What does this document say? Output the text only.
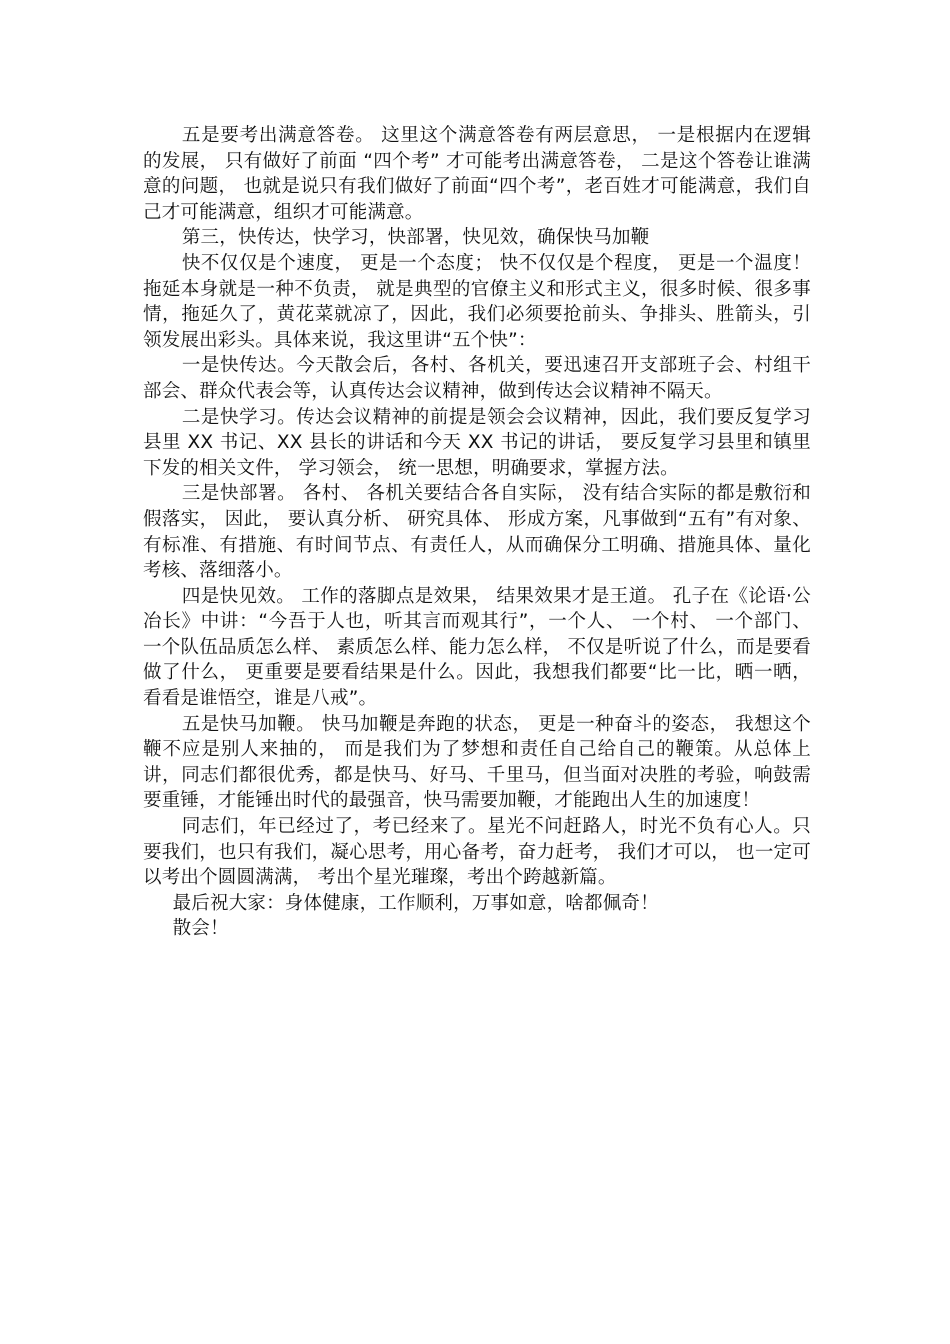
五是要考出满意答卷。 这里这个满意答卷有两层意思， 一是根据内在逻辑的发展， 只有做好了前面 “四个考” 才可能考出满意答卷， 二是这个答卷让谁满意的问题， 也就是说只有我们做好了前面“四个考”，老百姓才可能满意，我们自己才可能满意，组织才可能满意。

第三，快传达，快学习，快部署，快见效，确保快马加鞭

快不仅仅是个速度， 更是一个态度； 快不仅仅是个程度， 更是一个温度！ 拖延本身就是一种不负责， 就是典型的官僚主义和形式主义，很多时候、很多事情，拖延久了，黄花菜就凉了，因此，我们必须要抢前头、争排头、胜箭头，引领发展出彩头。具体来说，我这里讲“五个快”：

一是快传达。今天散会后，各村、各机关，要迅速召开支部班子会、村组干部会、群众代表会等，认真传达会议精神，做到传达会议精神不隔天。

二是快学习。传达会议精神的前提是领会会议精神，因此，我们要反复学习县里 XX 书记、XX 县长的讲话和今天 XX 书记的讲话， 要反复学习县里和镇里下发的相关文件， 学习领会， 统一思想，明确要求，掌握方法。

三是快部署。 各村、 各机关要结合各自实际， 没有结合实际的都是敷衍和假落实， 因此， 要认真分析、 研究具体、 形成方案，凡事做到“五有”有对象、有标准、有措施、有时间节点、有责任人，从而确保分工明确、措施具体、量化考核、落细落小。

四是快见效。 工作的落脚点是效果， 结果效果才是王道。 孔子在《论语·公冶长》中讲：“今吾于人也，听其言而观其行”，一个人、 一个村、 一个部门、 一个队伍品质怎么样、 素质怎么样、能力怎么样， 不仅是听说了什么，而是要看做了什么， 更重要是要看结果是什么。因此，我想我们都要“比一比，晒一晒，看看是谁悟空，谁是八戒”。

五是快马加鞭。 快马加鞭是奔跑的状态， 更是一种奋斗的姿态， 我想这个鞭不应是别人来抽的， 而是我们为了梦想和责任自己给自己的鞭策。从总体上讲，同志们都很优秀，都是快马、好马、千里马，但当面对决胜的考验，响鼓需要重锤，才能锤出时代的最强音，快马需要加鞭，才能跑出人生的加速度！

同志们，年已经过了，考已经来了。星光不问赶路人，时光不负有心人。只要我们，也只有我们，凝心思考，用心备考，奋力赶考， 我们才可以， 也一定可以考出个圆圆满满， 考出个星光璀璨，考出个跨越新篇。

最后祝大家：身体健康，工作顺利，万事如意，啥都佩奇！

散会！
